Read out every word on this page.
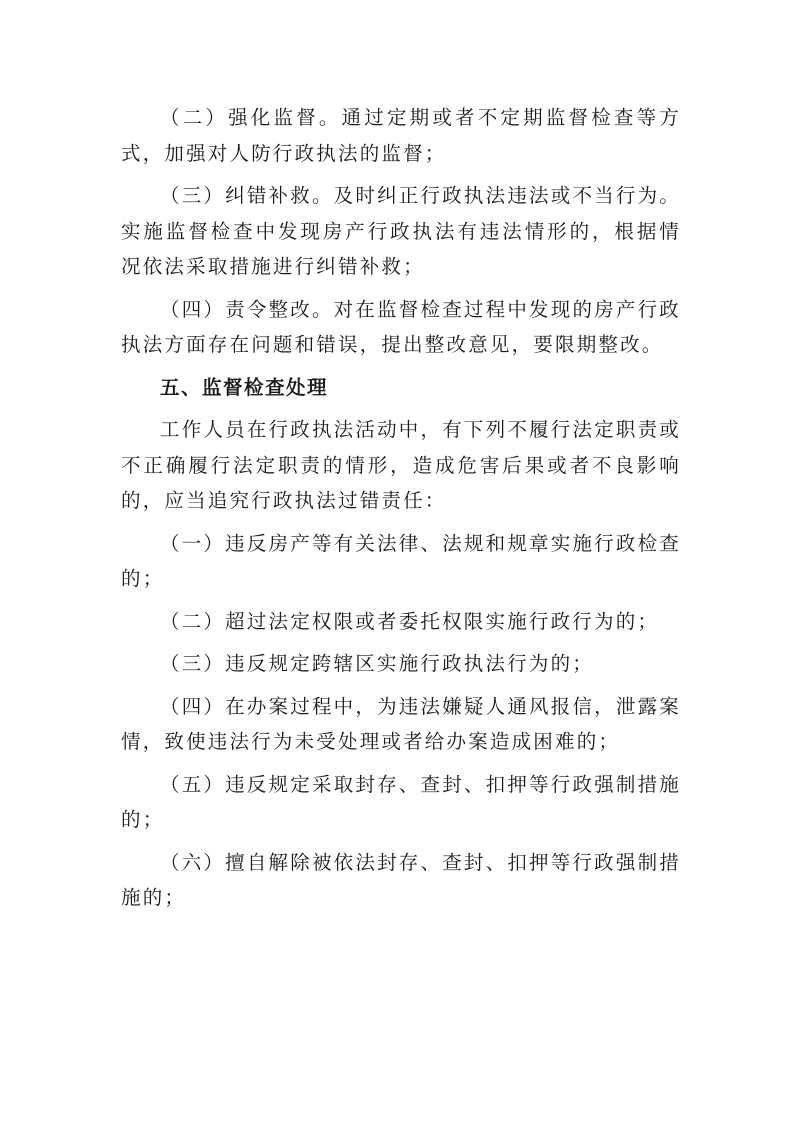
（二）强化监督。通过定期或者不定期监督检查等方式，加强对人防行政执法的监督；

（三）纠错补救。及时纠正行政执法违法或不当行为。实施监督检查中发现房产行政执法有违法情形的，根据情况依法采取措施进行纠错补救；

（四）责令整改。对在监督检查过程中发现的房产行政执法方面存在问题和错误，提出整改意见，要限期整改。

五、监督检查处理

工作人员在行政执法活动中，有下列不履行法定职责或不正确履行法定职责的情形，造成危害后果或者不良影响的，应当追究行政执法过错责任：

（一）违反房产等有关法律、法规和规章实施行政检查的；

（二）超过法定权限或者委托权限实施行政行为的；

（三）违反规定跨辖区实施行政执法行为的；

（四）在办案过程中，为违法嫌疑人通风报信，泄露案情，致使违法行为未受处理或者给办案造成困难的；

（五）违反规定采取封存、查封、扣押等行政强制措施的；

（六）擅自解除被依法封存、查封、扣押等行政强制措施的；
